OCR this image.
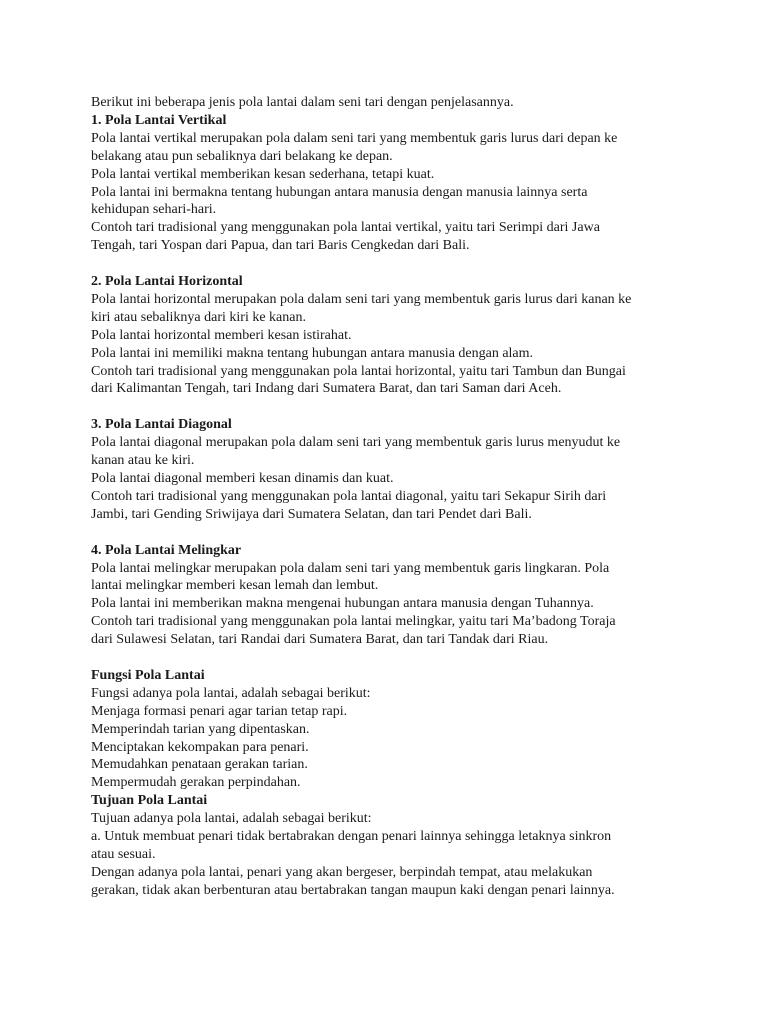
Berikut ini beberapa jenis pola lantai dalam seni tari dengan penjelasannya.
1. Pola Lantai Vertikal
Pola lantai vertikal merupakan pola dalam seni tari yang membentuk garis lurus dari depan ke
belakang atau pun sebaliknya dari belakang ke depan.
Pola lantai vertikal memberikan kesan sederhana, tetapi kuat.
Pola lantai ini bermakna tentang hubungan antara manusia dengan manusia lainnya serta
kehidupan sehari-hari.
Contoh tari tradisional yang menggunakan pola lantai vertikal, yaitu tari Serimpi dari Jawa
Tengah, tari Yospan dari Papua, dan tari Baris Cengkedan dari Bali.
2. Pola Lantai Horizontal
Pola lantai horizontal merupakan pola dalam seni tari yang membentuk garis lurus dari kanan ke
kiri atau sebaliknya dari kiri ke kanan.
Pola lantai horizontal memberi kesan istirahat.
Pola lantai ini memiliki makna tentang hubungan antara manusia dengan alam.
Contoh tari tradisional yang menggunakan pola lantai horizontal, yaitu tari Tambun dan Bungai
dari Kalimantan Tengah, tari Indang dari Sumatera Barat, dan tari Saman dari Aceh.
3. Pola Lantai Diagonal
Pola lantai diagonal merupakan pola dalam seni tari yang membentuk garis lurus menyudut ke
kanan atau ke kiri.
Pola lantai diagonal memberi kesan dinamis dan kuat.
Contoh tari tradisional yang menggunakan pola lantai diagonal, yaitu tari Sekapur Sirih dari
Jambi, tari Gending Sriwijaya dari Sumatera Selatan, dan tari Pendet dari Bali.
4. Pola Lantai Melingkar
Pola lantai melingkar merupakan pola dalam seni tari yang membentuk garis lingkaran. Pola
lantai melingkar memberi kesan lemah dan lembut.
Pola lantai ini memberikan makna mengenai hubungan antara manusia dengan Tuhannya.
Contoh tari tradisional yang menggunakan pola lantai melingkar, yaitu tari Ma’badong Toraja
dari Sulawesi Selatan, tari Randai dari Sumatera Barat, dan tari Tandak dari Riau.
Fungsi Pola Lantai
Fungsi adanya pola lantai, adalah sebagai berikut:
Menjaga formasi penari agar tarian tetap rapi.
Memperindah tarian yang dipentaskan.
Menciptakan kekompakan para penari.
Memudahkan penataan gerakan tarian.
Mempermudah gerakan perpindahan.
Tujuan Pola Lantai
Tujuan adanya pola lantai, adalah sebagai berikut:
a. Untuk membuat penari tidak bertabrakan dengan penari lainnya sehingga letaknya sinkron
atau sesuai.
Dengan adanya pola lantai, penari yang akan bergeser, berpindah tempat, atau melakukan
gerakan, tidak akan berbenturan atau bertabrakan tangan maupun kaki dengan penari lainnya.
